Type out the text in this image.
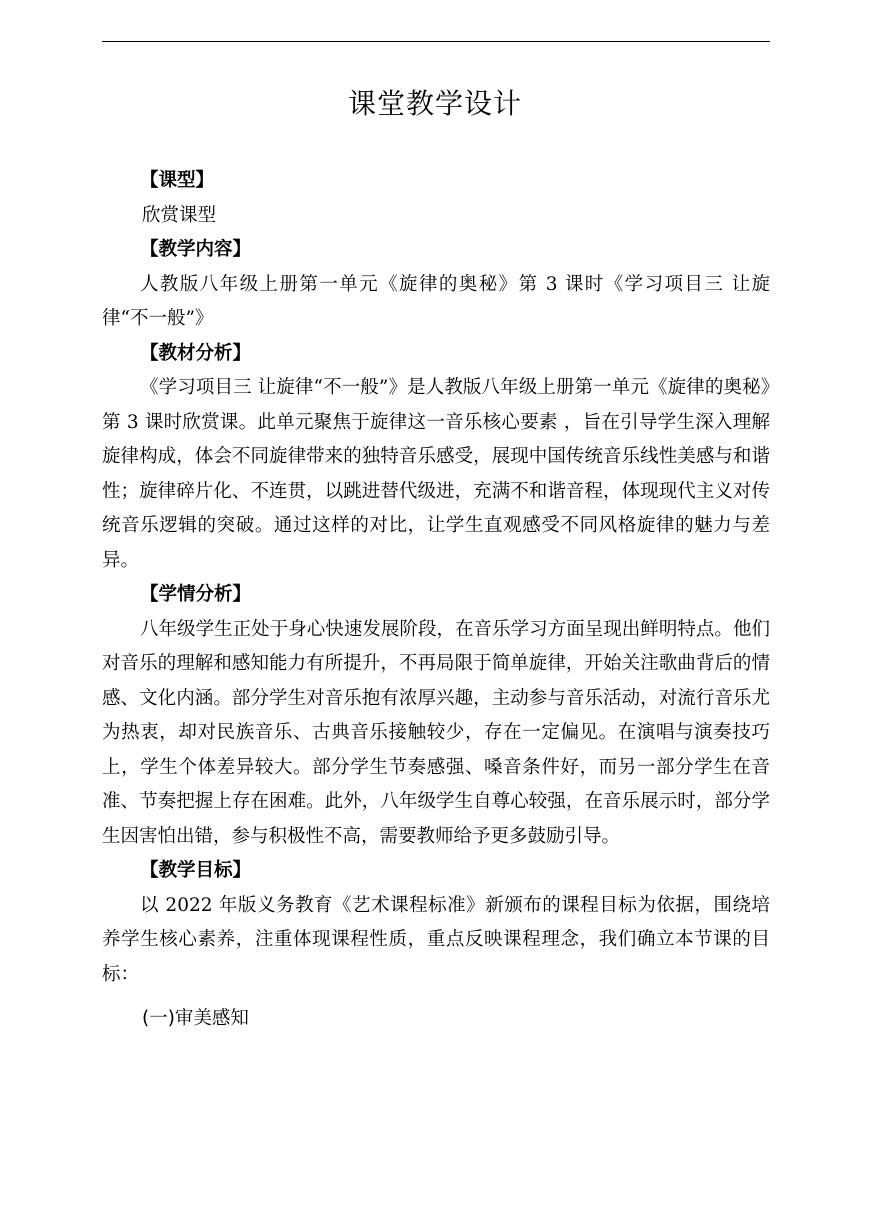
课堂教学设计
【课型】
欣赏课型
【教学内容】
人教版八年级上册第一单元《旋律的奥秘》第 3 课时《学习项目三 让旋律“不一般”》
【教材分析】
《学习项目三 让旋律“不一般”》是人教版八年级上册第一单元《旋律的奥秘》第 3 课时欣赏课。此单元聚焦于旋律这一音乐核心要素 ，旨在引导学生深入理解旋律构成，体会不同旋律带来的独特音乐感受，展现中国传统音乐线性美感与和谐性；旋律碎片化、不连贯，以跳进替代级进，充满不和谐音程，体现现代主义对传统音乐逻辑的突破。通过这样的对比，让学生直观感受不同风格旋律的魅力与差异。
【学情分析】
八年级学生正处于身心快速发展阶段，在音乐学习方面呈现出鲜明特点。他们对音乐的理解和感知能力有所提升，不再局限于简单旋律，开始关注歌曲背后的情感、文化内涵。部分学生对音乐抱有浓厚兴趣，主动参与音乐活动，对流行音乐尤为热衷，却对民族音乐、古典音乐接触较少，存在一定偏见。在演唱与演奏技巧上，学生个体差异较大。部分学生节奏感强、嗓音条件好，而另一部分学生在音准、节奏把握上存在困难。此外，八年级学生自尊心较强，在音乐展示时，部分学生因害怕出错，参与积极性不高，需要教师给予更多鼓励引导。
【教学目标】
以 2022 年版义务教育《艺术课程标准》新颁布的课程目标为依据，围绕培养学生核心素养，注重体现课程性质，重点反映课程理念，我们确立本节课的目标：
(一)审美感知
